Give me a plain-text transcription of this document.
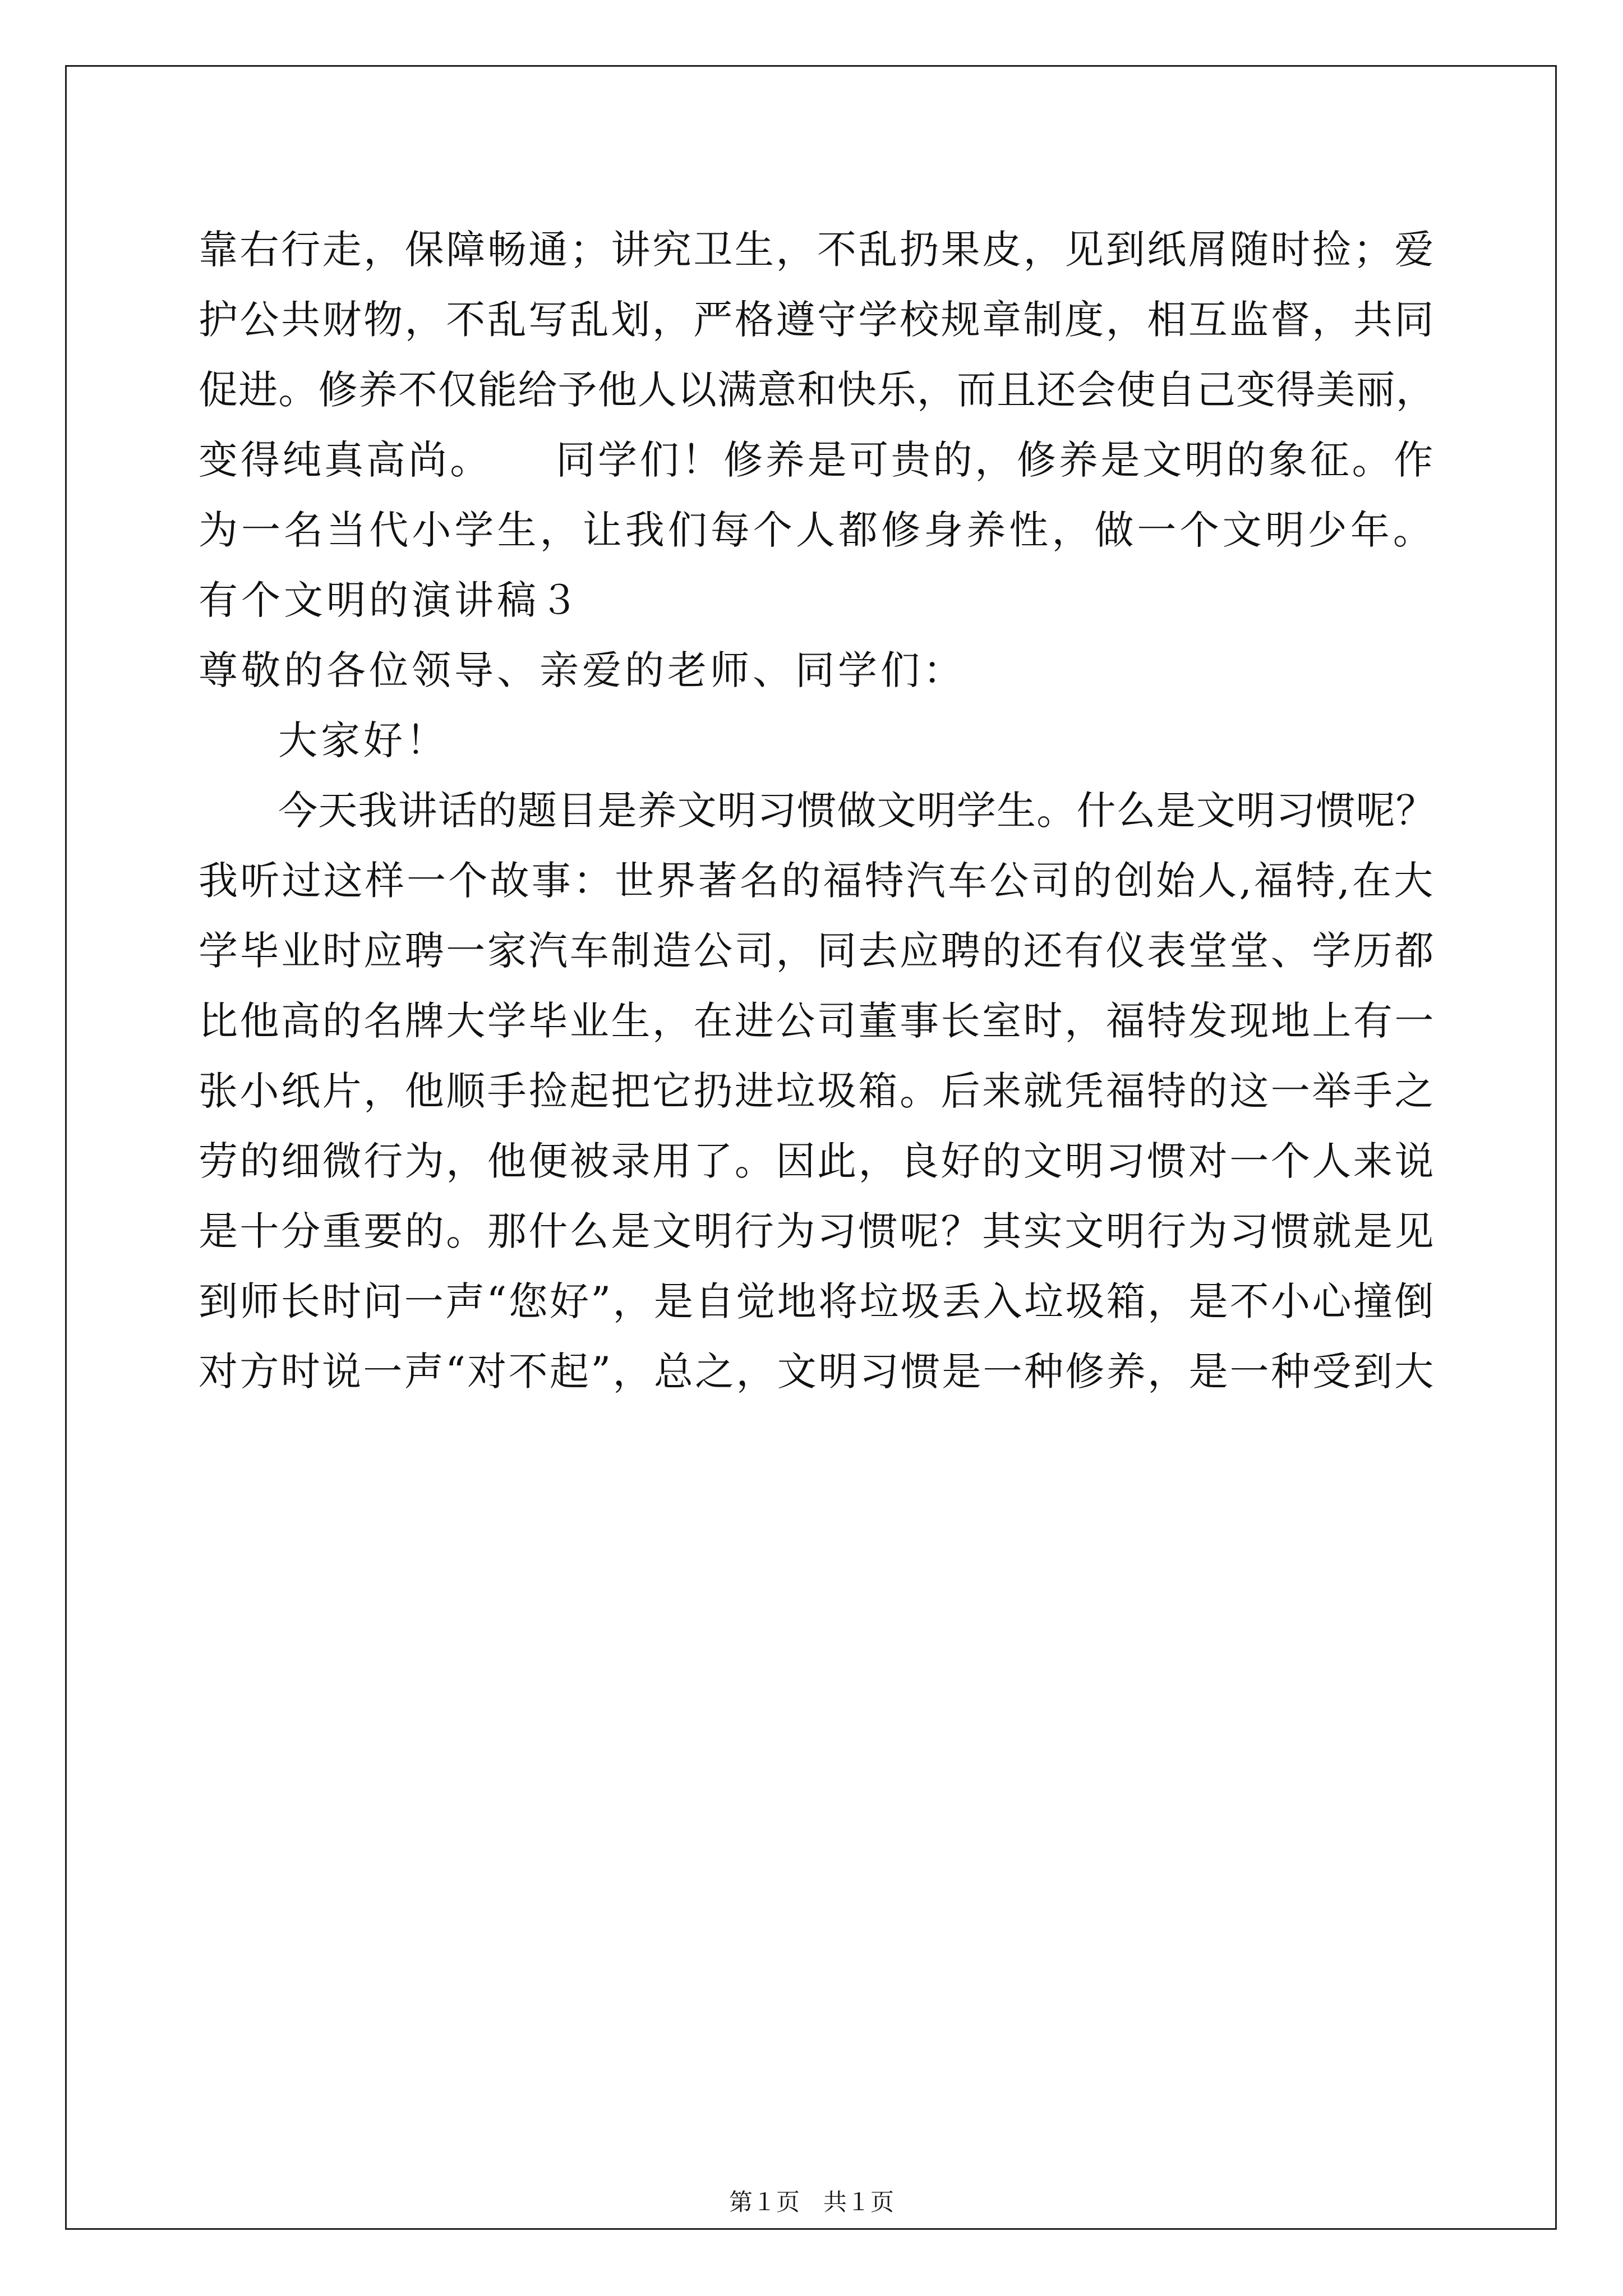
靠右行走，保障畅通；讲究卫生，不乱扔果皮，见到纸屑随时捡；爱
护公共财物，不乱写乱划，严格遵守学校规章制度，相互监督，共同
促进。修养不仅能给予他人以满意和快乐，而且还会使自己变得美丽，
变得纯真高尚。　　同学们！修养是可贵的，修养是文明的象征。作
为一名当代小学生，让我们每个人都修身养性，做一个文明少年。
有个文明的演讲稿３
尊敬的各位领导、亲爱的老师、同学们：
大家好！
今天我讲话的题目是养文明习惯做文明学生。什么是文明习惯呢？
我听过这样一个故事：世界著名的福特汽车公司的创始人,福特,在大
学毕业时应聘一家汽车制造公司，同去应聘的还有仪表堂堂、学历都
比他高的名牌大学毕业生，在进公司董事长室时，福特发现地上有一
张小纸片，他顺手捡起把它扔进垃圾箱。后来就凭福特的这一举手之
劳的细微行为，他便被录用了。因此，良好的文明习惯对一个人来说
是十分重要的。那什么是文明行为习惯呢？其实文明行为习惯就是见
到师长时问一声“您好”，是自觉地将垃圾丢入垃圾箱，是不小心撞倒
对方时说一声“对不起”，总之，文明习惯是一种修养，是一种受到大
第１页　共１页
